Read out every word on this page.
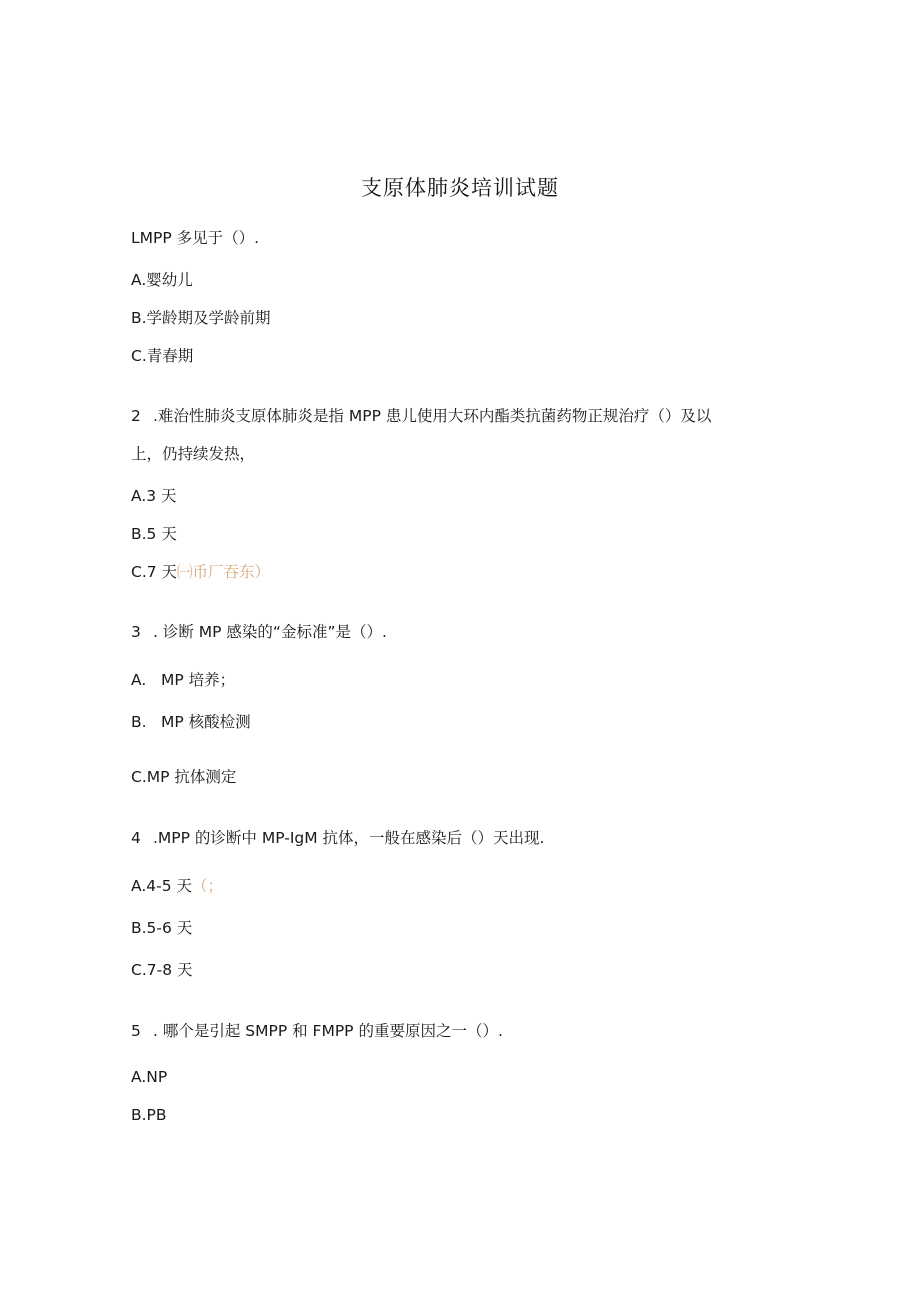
支原体肺炎培训试题
LMPP 多见于（）.
A.婴幼儿
B.学龄期及学龄前期
C.青春期
2 .难治性肺炎支原体肺炎是指 MPP 患儿使用大环内酯类抗菌药物正规治疗（）及以
上，仍持续发热，
A.3 天
B.5 天
C.7 天㈠币厂吞东）
3 . 诊断 MP 感染的“金标准”是（）.
A. MP 培养；
B. MP 核酸检测
C.MP 抗体测定
4 .MPP 的诊断中 MP-IgM 抗体，一般在感染后（）天出现.
A.4-5 天（；
B.5-6 天
C.7-8 天
5 . 哪个是引起 SMPP 和 FMPP 的重要原因之一（）.
A.NP
B.PB
